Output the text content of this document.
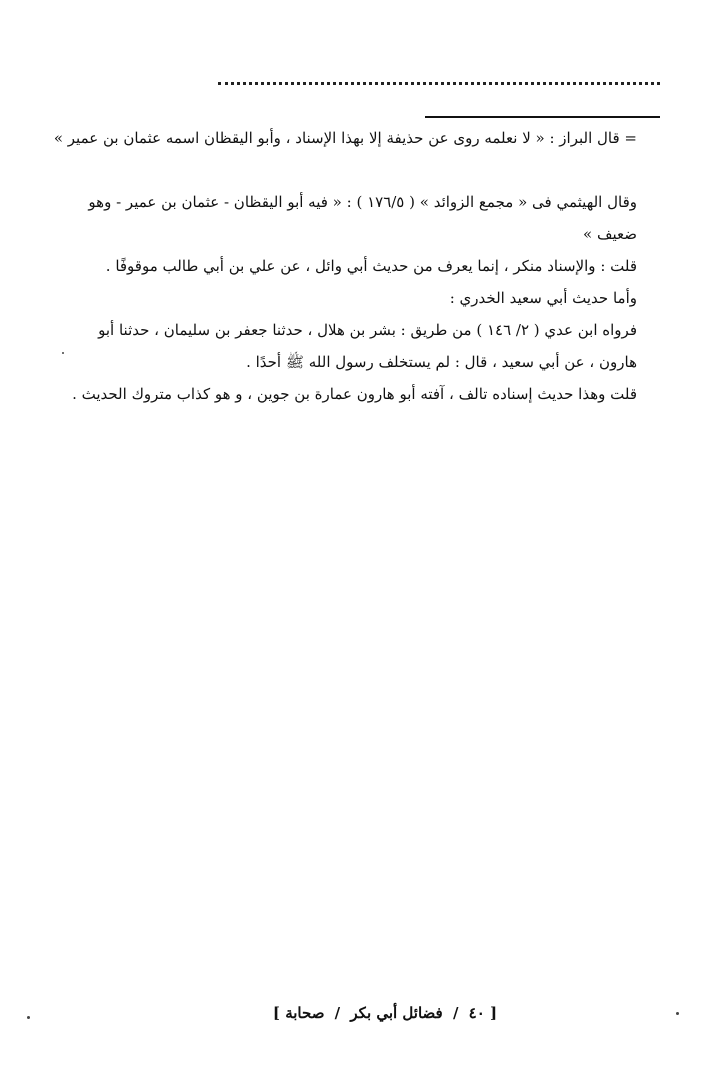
= قال البراز : « لا نعلمه روى عن حذيفة إلا بهذا الإسناد ، وأبو اليقظان اسمه عثمان بن عمير »
وقال الهيثمي فى « مجمع الزوائد » ( ١٧٦/٥ ) : « فيه أبو اليقظان - عثمان بن عمير - وهو
ضعيف »
قلت : والإسناد منكر ، إنما يعرف من حديث أبي وائل ، عن علي بن أبي طالب موقوفًا .
وأما حديث أبي سعيد الخدري :
فرواه ابن عدي ( ٢/ ١٤٦ ) من طريق : بشر بن هلال ، حدثنا جعفر بن سليمان ، حدثنا أبو
هارون ، عن أبي سعيد ، قال : لم يستخلف رسول الله ﷺ أحدًا .
قلت وهذا حديث إسناده تالف ، آفته أبو هارون عمارة بن جوين ، و هو كذاب متروك الحديث .
[ ٤٠ / فضائل أبي بكر / صحابة ]
